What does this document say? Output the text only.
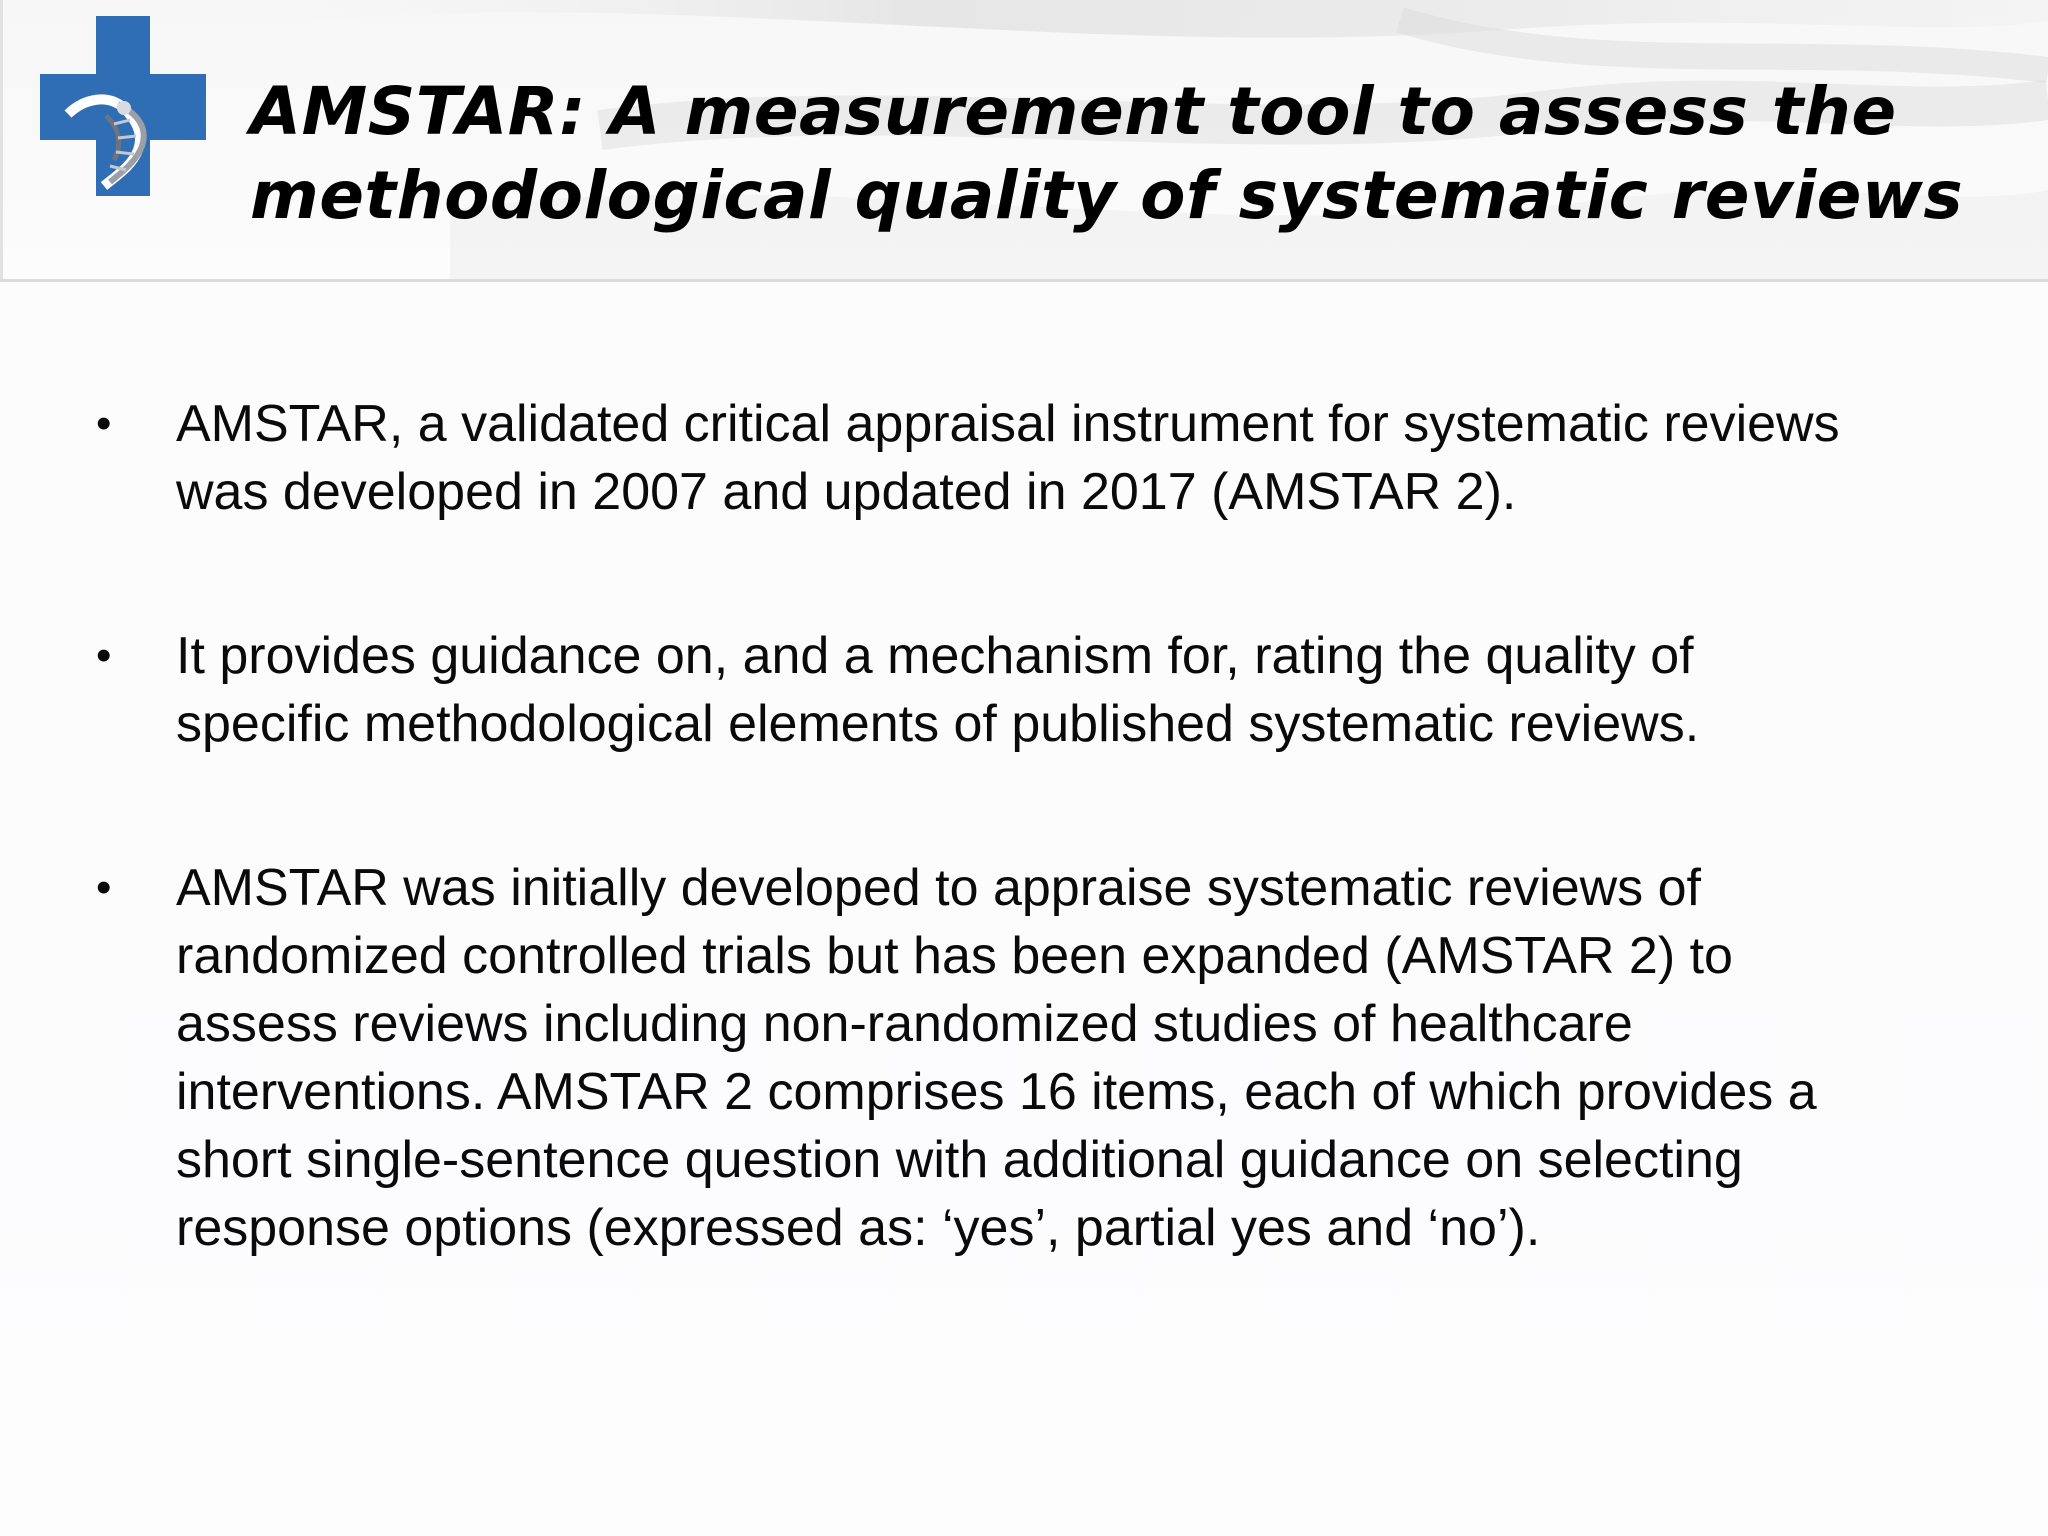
AMSTAR: A measurement tool to assess the
methodological quality of systematic reviews
• AMSTAR, a validated critical appraisal instrument for systematic reviews
was developed in 2007 and updated in 2017 (AMSTAR 2).
• It provides guidance on, and a mechanism for, rating the quality of
specific methodological elements of published systematic reviews.
• AMSTAR was initially developed to appraise systematic reviews of
randomized controlled trials but has been expanded (AMSTAR 2) to
assess reviews including non-randomized studies of healthcare
interventions. AMSTAR 2 comprises 16 items, each of which provides a
short single-sentence question with additional guidance on selecting
response options (expressed as: ‘yes’, partial yes and ‘no’).
